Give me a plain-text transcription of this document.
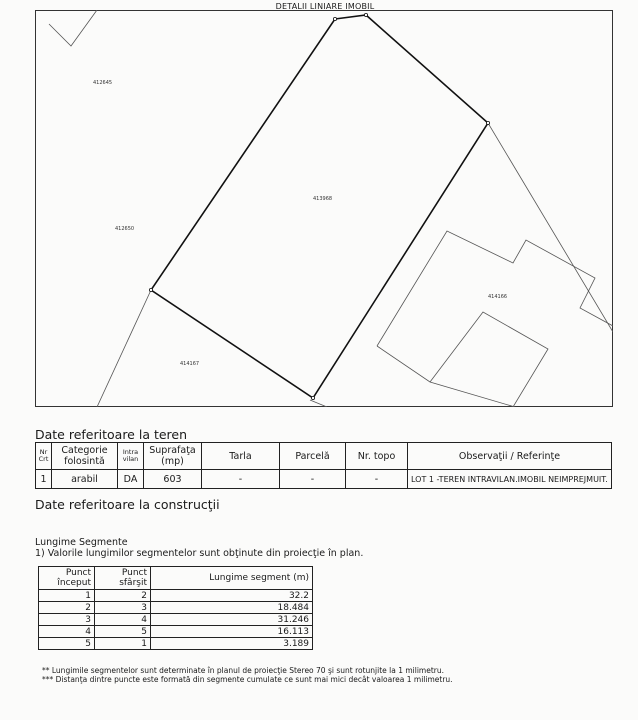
DETALII LINIARE IMOBIL
412645
413968
412650
414166
414167
Date referitoare la teren
Nr Crt	Categorie folosintă	Intra vilan	Suprafaţa (mp)	Tarla	Parcelă	Nr. topo	Observaţii / Referinţe
1	arabil	DA	603	-	-	-	LOT 1 -TEREN INTRAVILAN.IMOBIL NEIMPREJMUIT.
Date referitoare la construcţii
Lungime Segmente
1) Valorile lungimilor segmentelor sunt obţinute din proiecţie în plan.
Punct început	Punct sfârşit	Lungime segment (m)
1	2	32.2
2	3	18.484
3	4	31.246
4	5	16.113
5	1	3.189
** Lungimile segmentelor sunt determinate în planul de proiecţie Stereo 70 şi sunt rotunjite la 1 milimetru.
*** Distanţa dintre puncte este formată din segmente cumulate ce sunt mai mici decât valoarea 1 milimetru.
